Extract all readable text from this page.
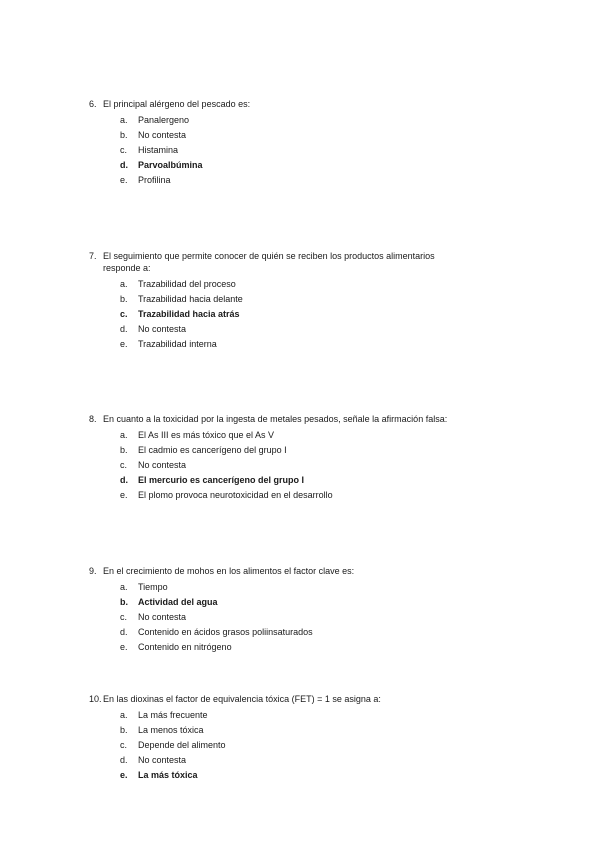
6. El principal alérgeno del pescado es:
a.	Panalergeno
b.	No contesta
c.	Histamina
d.	Parvoalbúmina
e.	Profilina
7. El seguimiento que permite conocer de quién se reciben los productos alimentarios responde a:
a.	Trazabilidad del proceso
b.	Trazabilidad hacia delante
c.	Trazabilidad hacia atrás
d.	No contesta
e.	Trazabilidad interna
8. En cuanto a la toxicidad por la ingesta de metales pesados, señale la afirmación falsa:
a.	El As III es más tóxico que el As V
b.	El cadmio es cancerígeno del grupo I
c.	No contesta
d.	El mercurio es cancerígeno del grupo I
e.	El plomo provoca neurotoxicidad en el desarrollo
9. En el crecimiento de mohos en los alimentos el factor clave es:
a.	Tiempo
b.	Actividad del agua
c.	No contesta
d.	Contenido en ácidos grasos poliinsaturados
e.	Contenido en nitrógeno
10. En las dioxinas el factor de equivalencia tóxica (FET) = 1 se asigna a:
a.	La más frecuente
b.	La menos tóxica
c.	Depende del alimento
d.	No contesta
e.	La más tóxica
